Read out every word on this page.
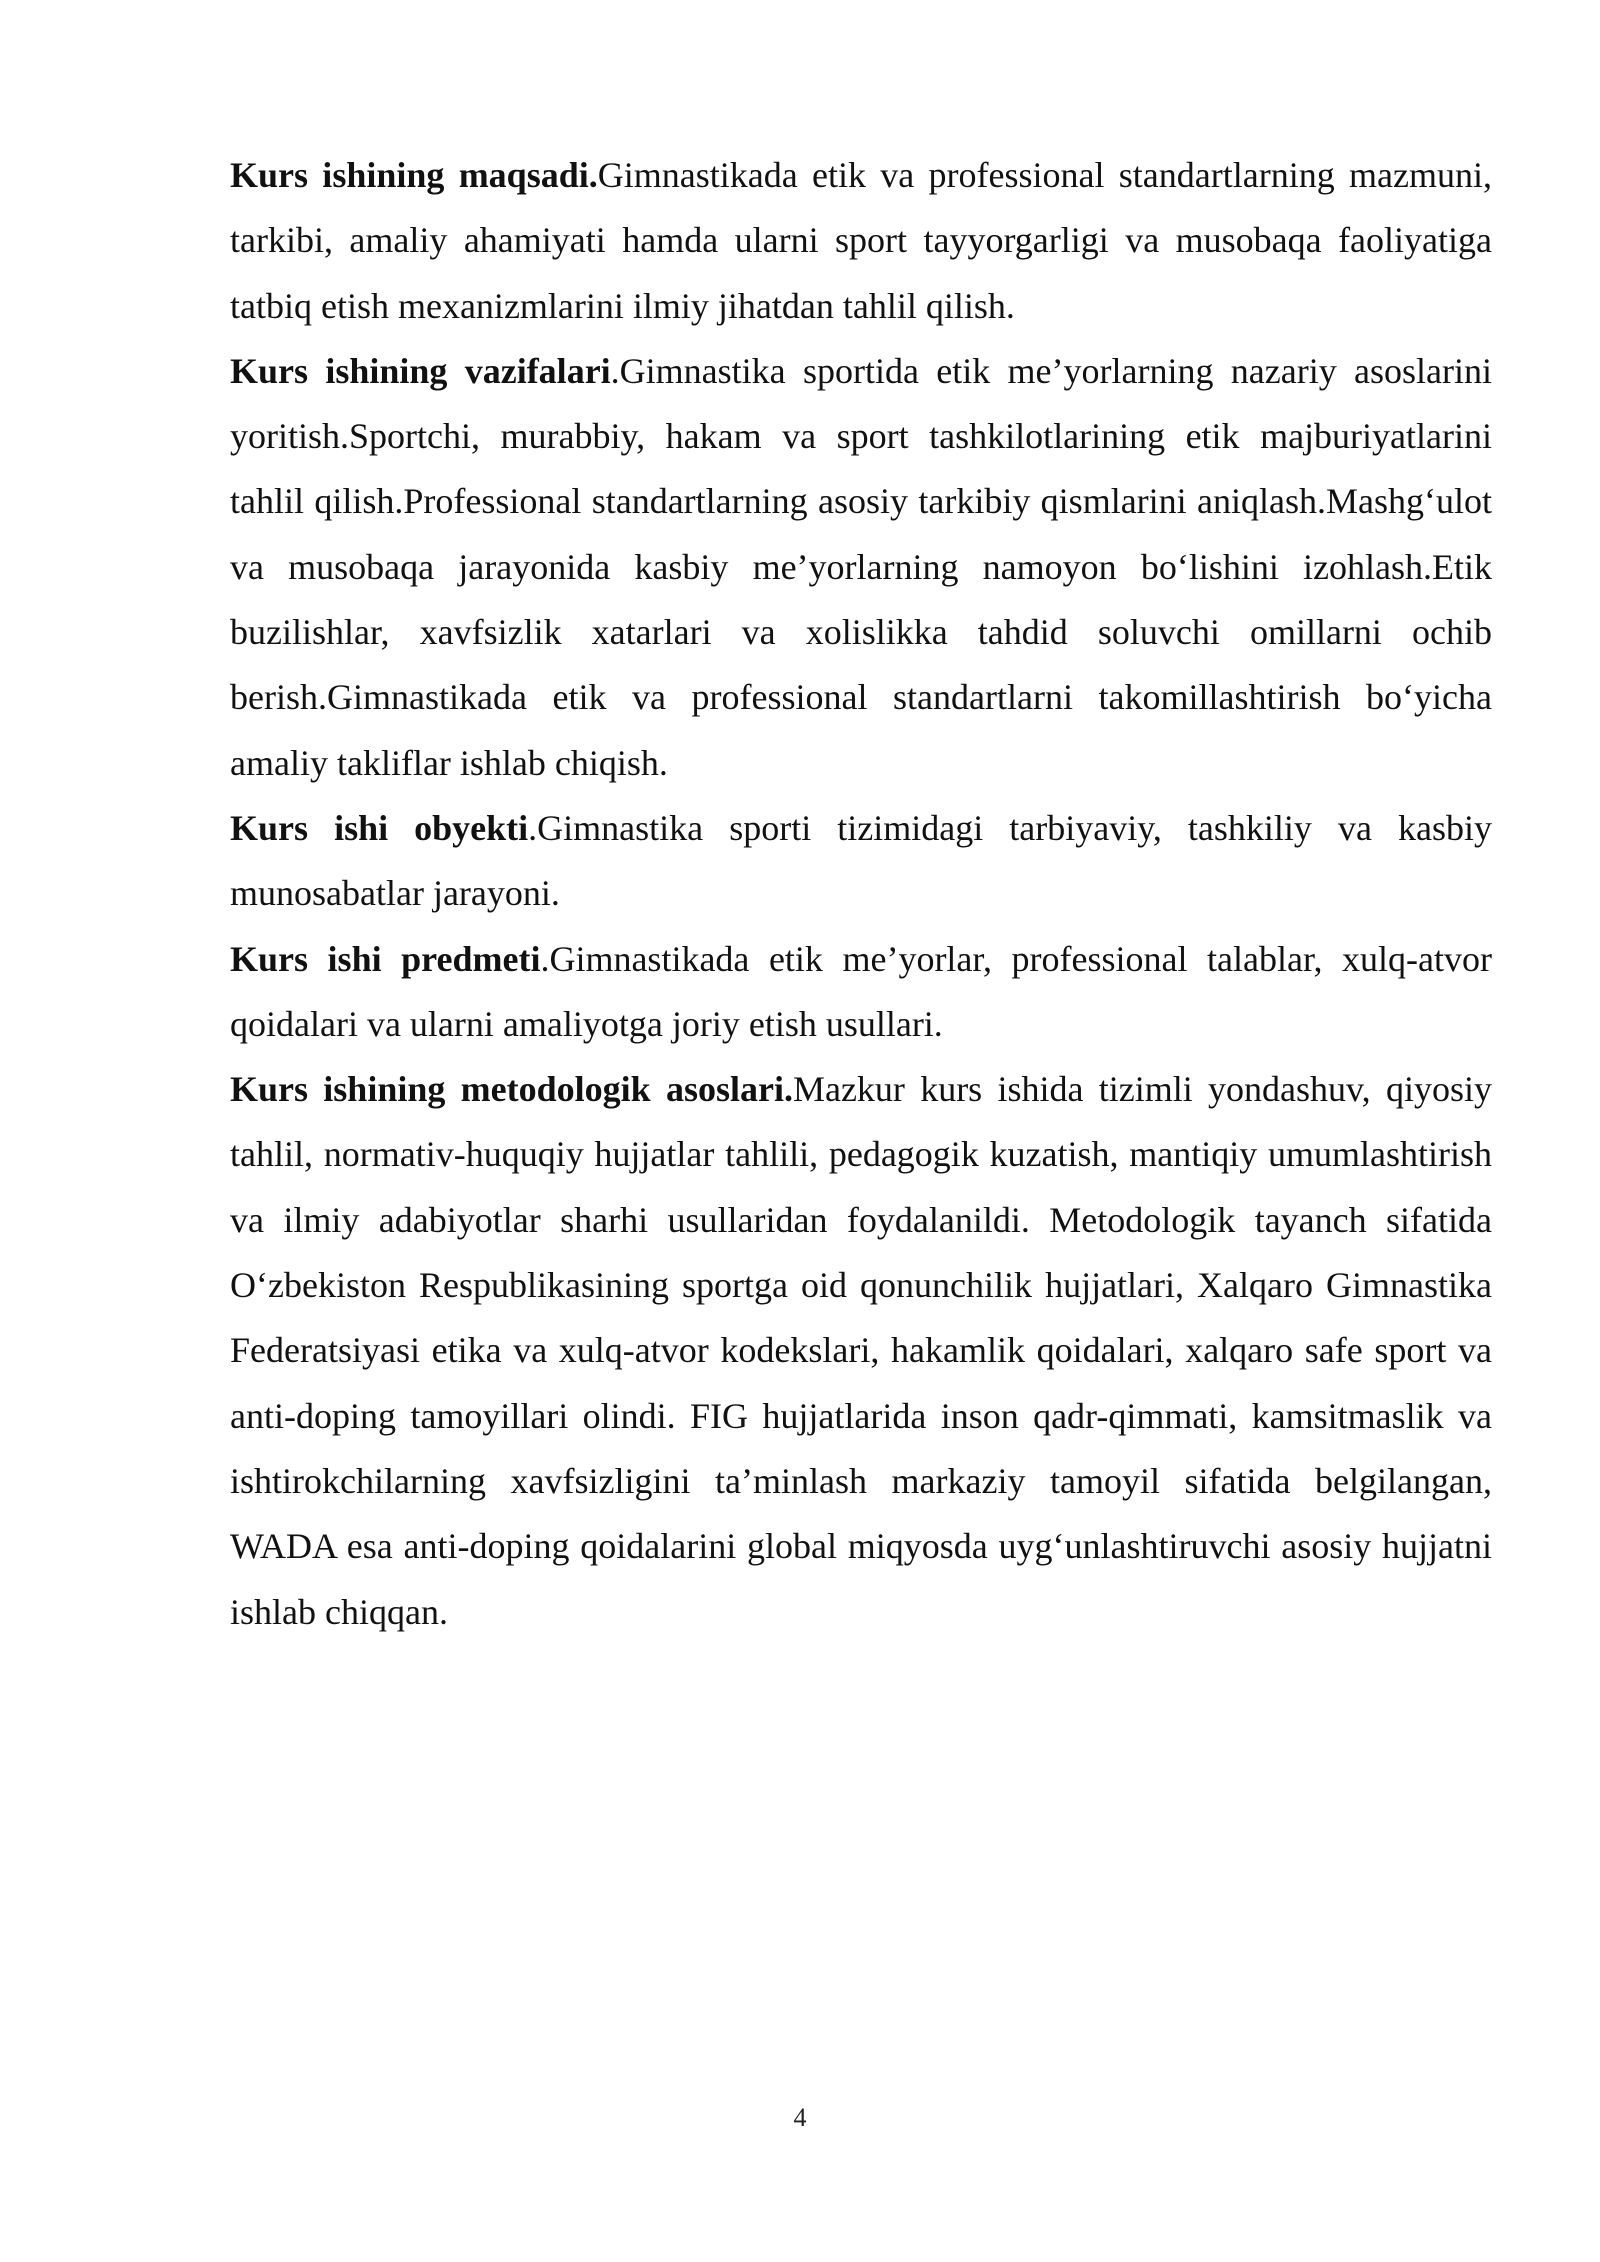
Kurs ishining maqsadi.Gimnastikada etik va professional standartlarning mazmuni, tarkibi, amaliy ahamiyati hamda ularni sport tayyorgarligi va musobaqa faoliyatiga tatbiq etish mexanizmlarini ilmiy jihatdan tahlil qilish.

Kurs ishining vazifalari.Gimnastika sportida etik me’yorlarning nazariy asoslarini yoritish.Sportchi, murabbiy, hakam va sport tashkilotlarining etik majburiyatlarini tahlil qilish.Professional standartlarning asosiy tarkibiy qismlarini aniqlash.Mashg‘ulot va musobaqa jarayonida kasbiy me’yorlarning namoyon bo‘lishini izohlash.Etik buzilishlar, xavfsizlik xatarlari va xolislikka tahdid soluvchi omillarni ochib berish.Gimnastikada etik va professional standartlarni takomillashtirish bo‘yicha amaliy takliflar ishlab chiqish.

Kurs ishi obyekti.Gimnastika sporti tizimidagi tarbiyaviy, tashkiliy va kasbiy munosabatlar jarayoni.

Kurs ishi predmeti.Gimnastikada etik me’yorlar, professional talablar, xulq-atvor qoidalari va ularni amaliyotga joriy etish usullari.

Kurs ishining metodologik asoslari.Mazkur kurs ishida tizimli yondashuv, qiyosiy tahlil, normativ-huquqiy hujjatlar tahlili, pedagogik kuzatish, mantiqiy umumlashtirish va ilmiy adabiyotlar sharhi usullaridan foydalanildi. Metodologik tayanch sifatida O‘zbekiston Respublikasining sportga oid qonunchilik hujjatlari, Xalqaro Gimnastika Federatsiyasi etika va xulq-atvor kodekslari, hakamlik qoidalari, xalqaro safe sport va anti-doping tamoyillari olindi. FIG hujjatlarida inson qadr-qimmati, kamsitmaslik va ishtirokchilarning xavfsizligini ta’minlash markaziy tamoyil sifatida belgilangan, WADA esa anti-doping qoidalarini global miqyosda uyg‘unlashtiruvchi asosiy hujjatni ishlab chiqqan.

4
